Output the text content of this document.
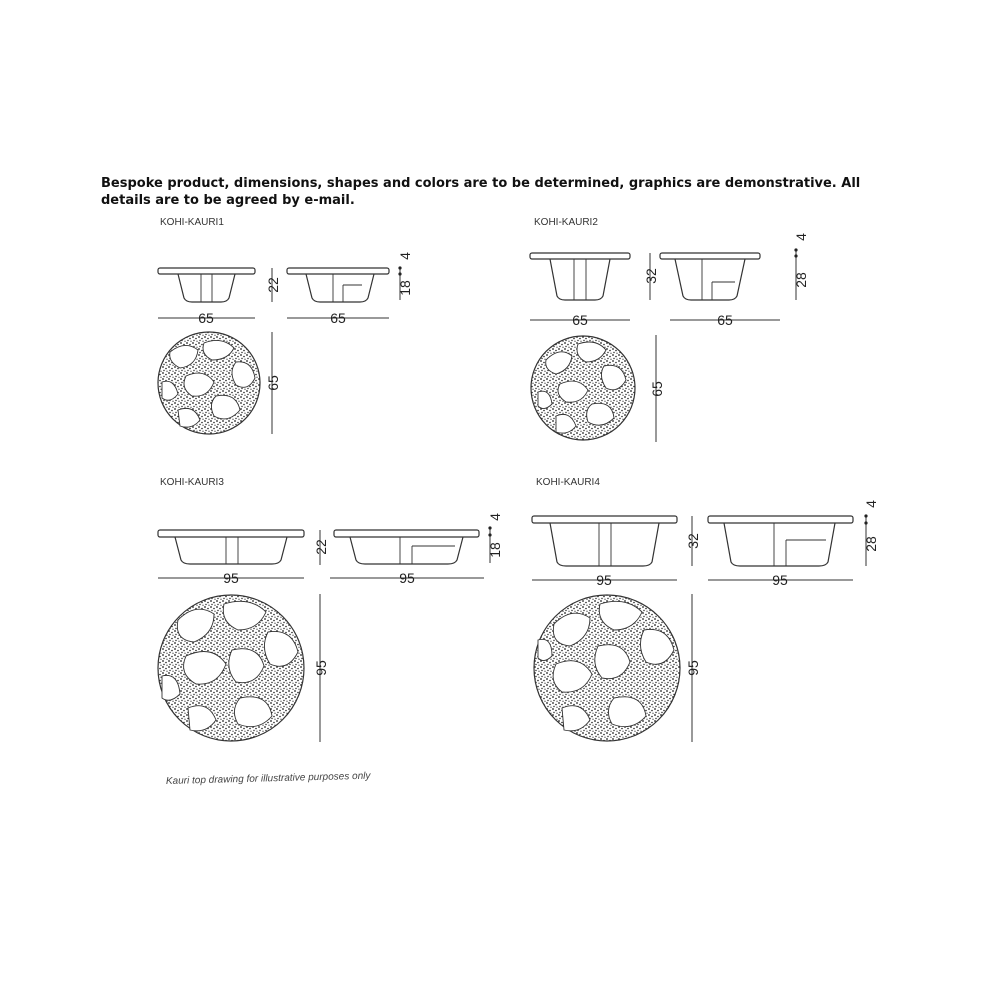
Bespoke product, dimensions, shapes and colors are to be determined, graphics are demonstrative. All details are to be agreed by e-mail.
KOHI-KAURI1
65
22
65
4
18
65
KOHI-KAURI2
65
32
65
4
28
65
KOHI-KAURI3
95
22
95
4
18
95
KOHI-KAURI4
95
32
95
4
28
95
Kauri top drawing for illustrative purposes only
